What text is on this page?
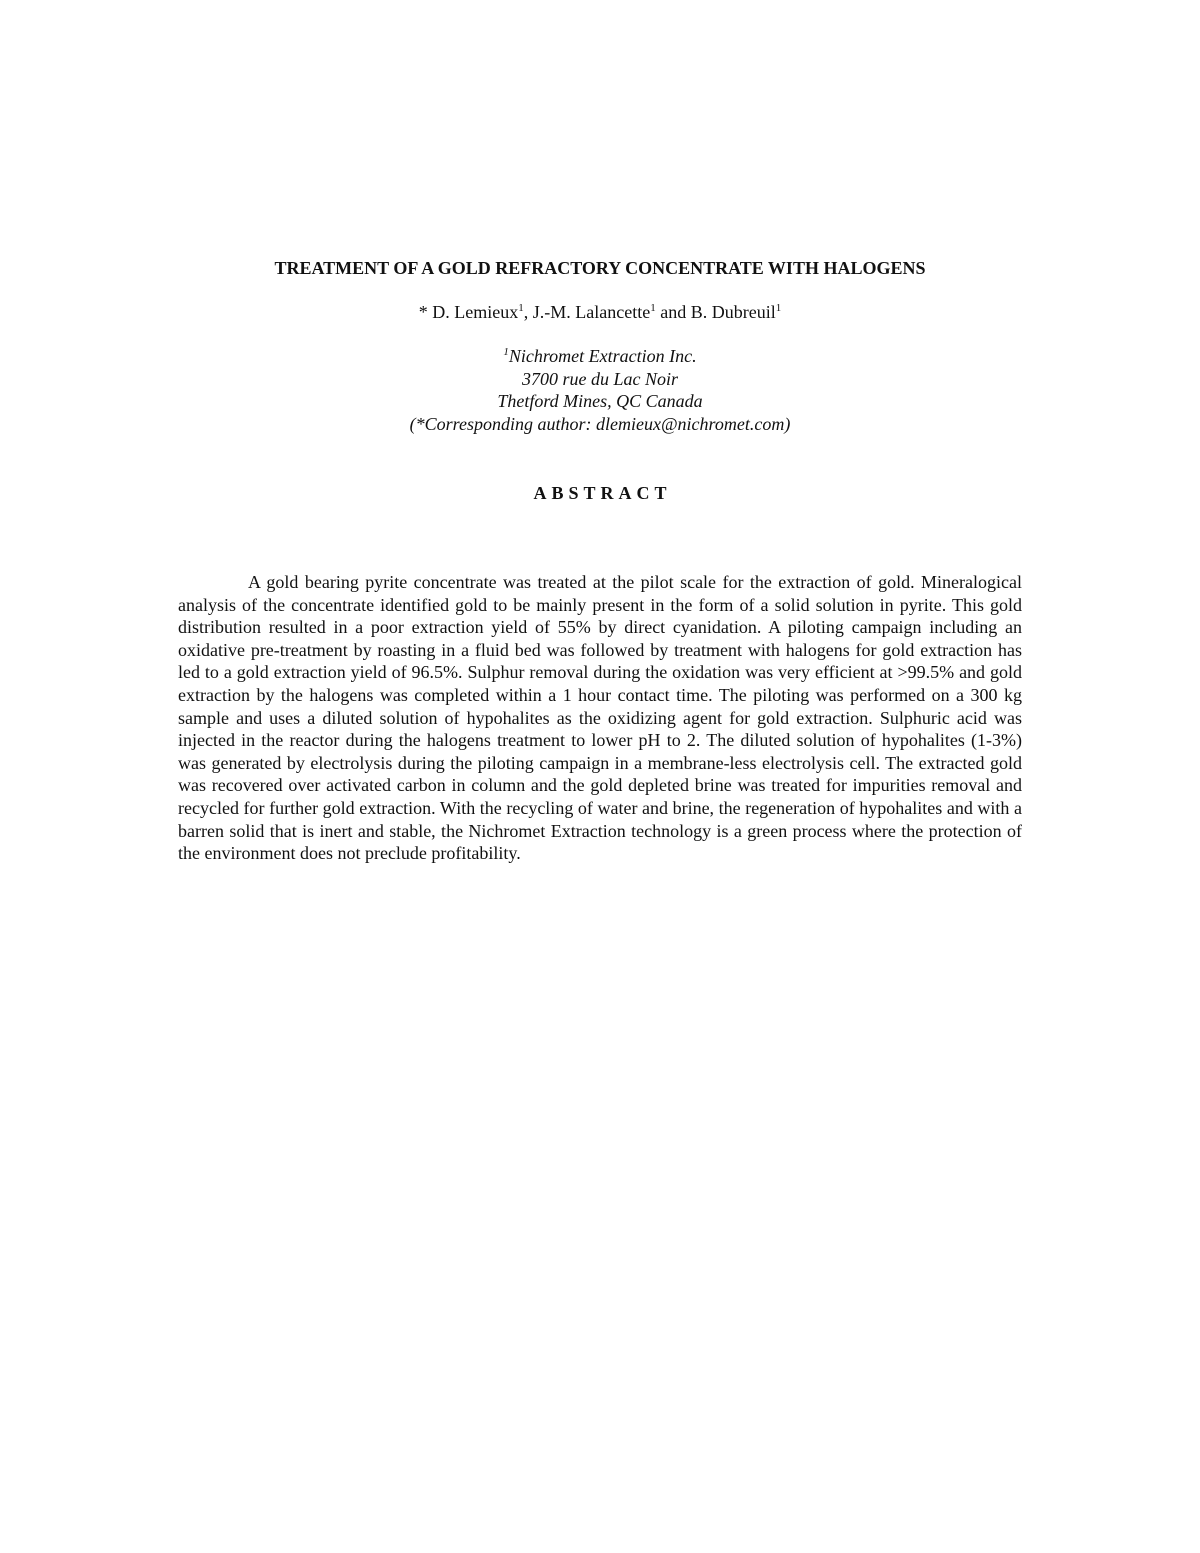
TREATMENT OF A GOLD REFRACTORY CONCENTRATE WITH HALOGENS

* D. Lemieux$^1$, J.-M. Lalancette$^1$ and B. Dubreuil$^1$

$^1$Nichromet Extraction Inc.
3700 rue du Lac Noir
Thetford Mines, QC Canada
(*Corresponding author: dlemieux@nichromet.com)
ABSTRACT

A gold bearing pyrite concentrate was treated at the pilot scale for the extraction of gold. Mineralogical analysis of the concentrate identified gold to be mainly present in the form of a solid solution in pyrite. This gold distribution resulted in a poor extraction yield of 55% by direct cyanidation. A piloting campaign including an oxidative pre-treatment by roasting in a fluid bed was followed by treatment with halogens for gold extraction has led to a gold extraction yield of 96.5%. Sulphur removal during the oxidation was very efficient at >99.5% and gold extraction by the halogens was completed within a 1 hour contact time. The piloting was performed on a 300 kg sample and uses a diluted solution of hypohalites as the oxidizing agent for gold extraction. Sulphuric acid was injected in the reactor during the halogens treatment to lower pH to 2. The diluted solution of hypohalites (1-3%) was generated by electrolysis during the piloting campaign in a membrane-less electrolysis cell. The extracted gold was recovered over activated carbon in column and the gold depleted brine was treated for impurities removal and recycled for further gold extraction. With the recycling of water and brine, the regeneration of hypohalites and with a barren solid that is inert and stable, the Nichromet Extraction technology is a green process where the protection of the environment does not preclude profitability.
